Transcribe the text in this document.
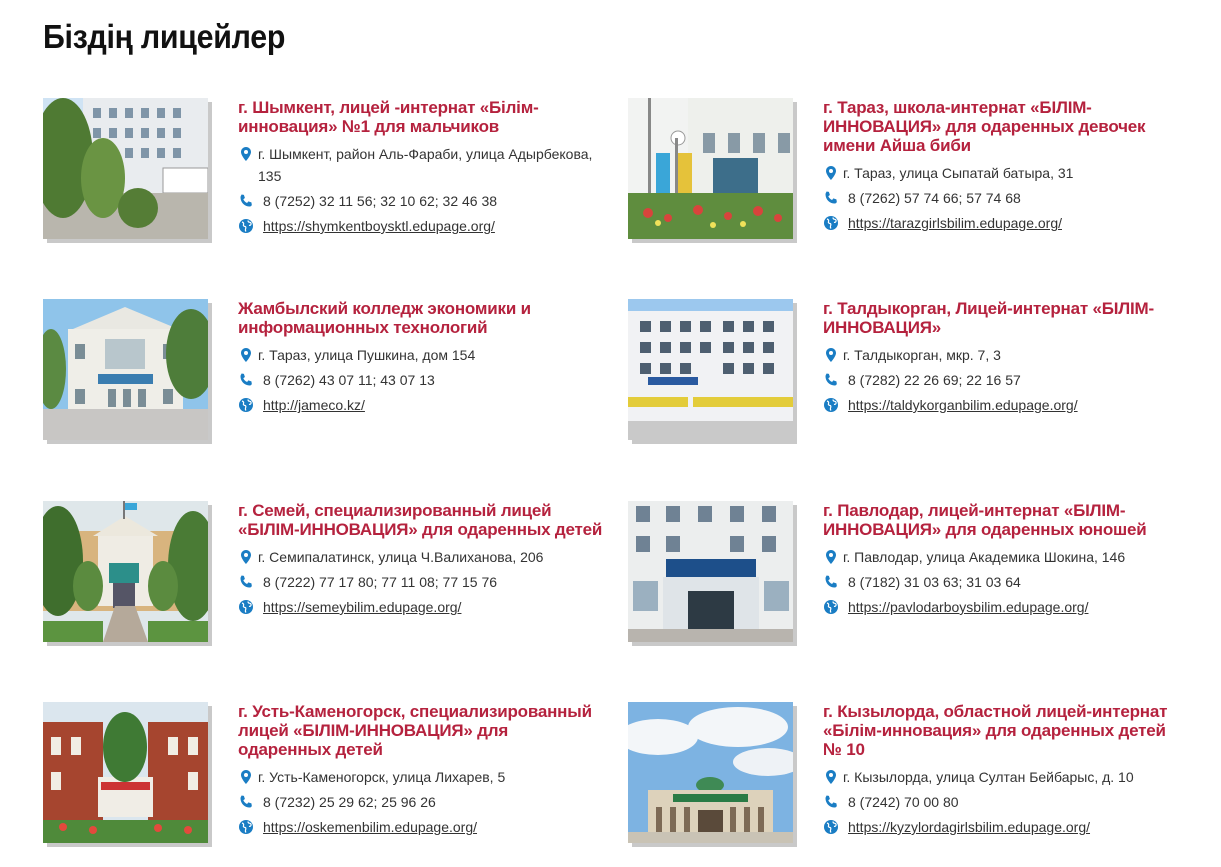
Біздің лицейлер
г. Шымкент, лицей -интернат «Білім-инновация» №1 для мальчиков
г. Шымкент, район Аль-Фараби, улица Адырбекова, 135
8 (7252) 32 11 56; 32 10 62; 32 46 38
https://shymkentboysktl.edupage.org/
г. Тараз, школа-интернат «БІЛІМ-ИННОВАЦИЯ» для одаренных девочек имени Айша биби
г. Тараз, улица Сыпатай батыра, 31
8 (7262) 57 74 66; 57 74 68
https://tarazgirlsbilim.edupage.org/
Жамбылский колледж экономики и информационных технологий
г. Тараз, улица Пушкина, дом 154
8 (7262) 43 07 11; 43 07 13
http://jameco.kz/
г. Талдыкорган, Лицей-интернат «БІЛІМ-ИННОВАЦИЯ»
г. Талдыкорган, мкр. 7, 3
8 (7282) 22 26 69; 22 16 57
https://taldykorganbilim.edupage.org/
г. Семей, специализированный лицей «БІЛІМ-ИННОВАЦИЯ» для одаренных детей
г. Семипалатинск, улица Ч.Валиханова, 206
8 (7222) 77 17 80; 77 11 08; 77 15 76
https://semeybilim.edupage.org/
г. Павлодар, лицей-интернат «БІЛІМ-ИННОВАЦИЯ» для одаренных юношей
г. Павлодар, улица Академика Шокина, 146
8 (7182) 31 03 63; 31 03 64
https://pavlodarboysbilim.edupage.org/
г. Усть-Каменогорск, специализированный лицей «БІЛІМ-ИННОВАЦИЯ» для одаренных детей
г. Усть-Каменогорск, улица Лихарев, 5
8 (7232) 25 29 62; 25 96 26
https://oskemenbilim.edupage.org/
г. Кызылорда, областной лицей-интернат «Білім-инновация» для одаренных детей № 10
г. Кызылорда, улица Султан Бейбарыс, д. 10
8 (7242) 70 00 80
https://kyzylordagirlsbilim.edupage.org/
